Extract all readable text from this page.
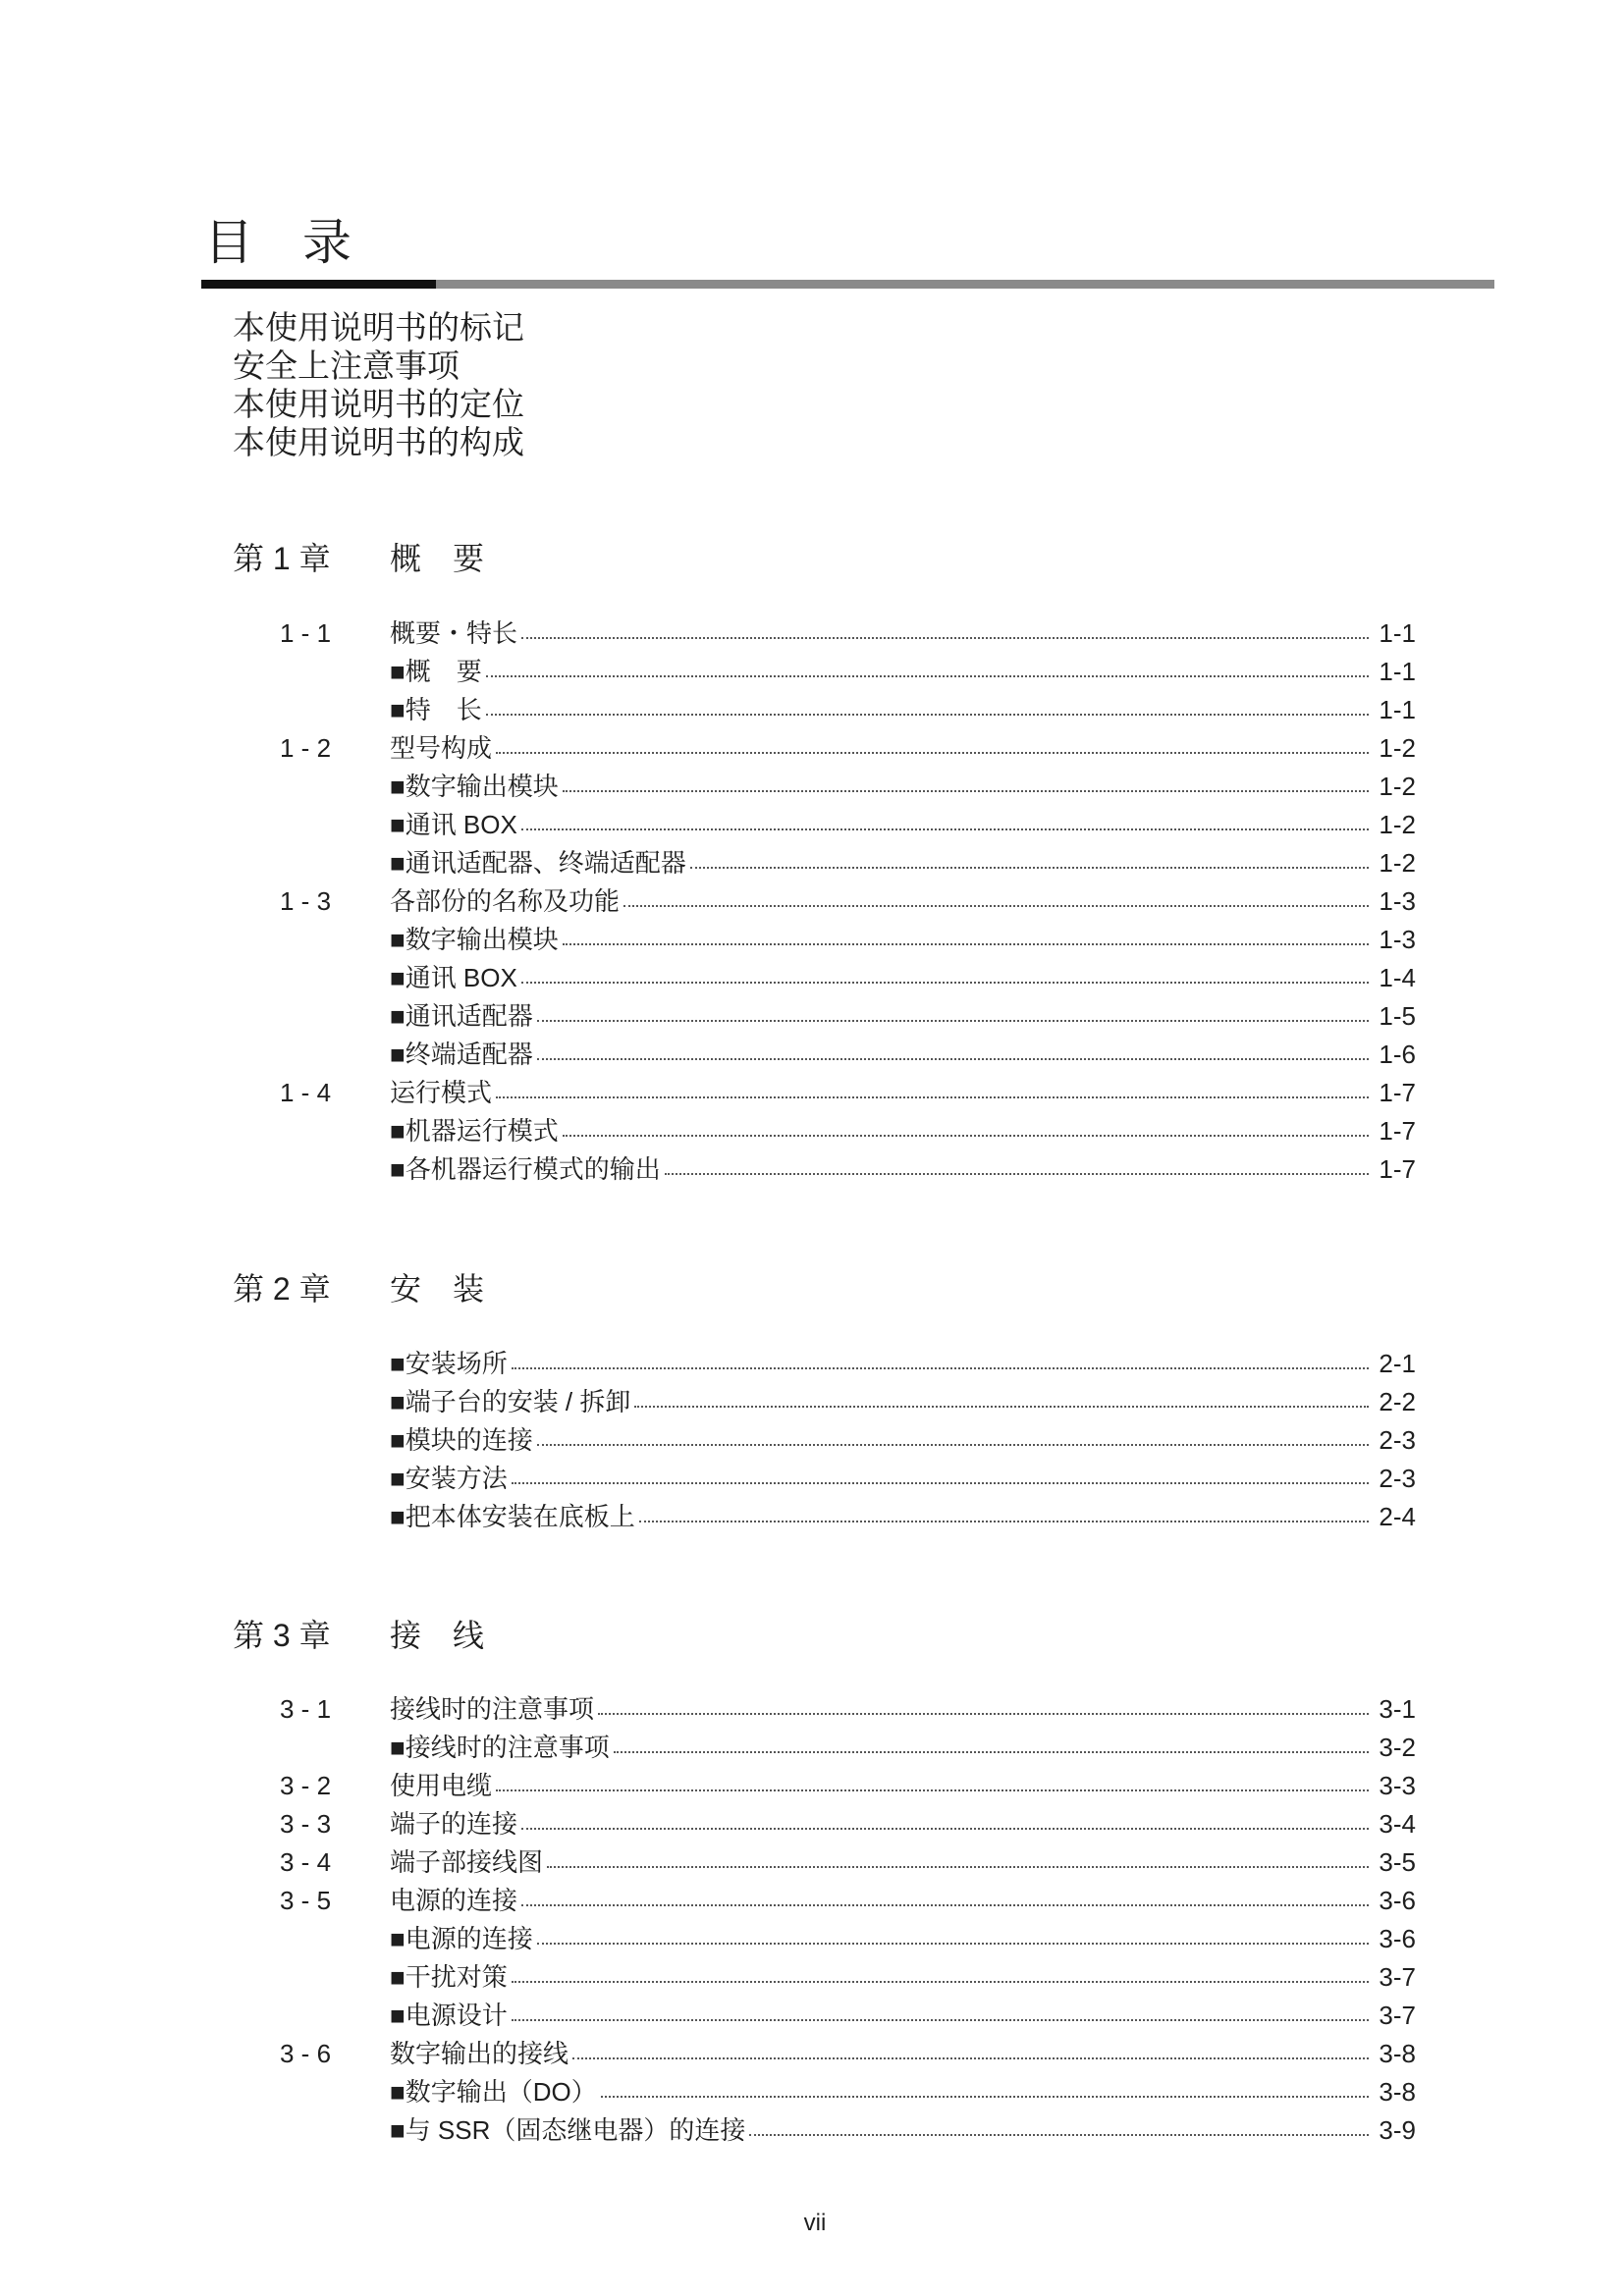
目　录
本使用说明书的标记
安全上注意事项
本使用说明书的定位
本使用说明书的构成
第 1 章	概　要
1 - 1	概要・特长	1-1
■概　要	1-1
■特　长	1-1
1 - 2	型号构成	1-2
■数字输出模块	1-2
■通讯 BOX	1-2
■通讯适配器、终端适配器	1-2
1 - 3	各部份的名称及功能	1-3
■数字输出模块	1-3
■通讯 BOX	1-4
■通讯适配器	1-5
■终端适配器	1-6
1 - 4	运行模式	1-7
■机器运行模式	1-7
■各机器运行模式的输出	1-7
第 2 章	安　装
■安装场所	2-1
■端子台的安装 / 拆卸	2-2
■模块的连接	2-3
■安装方法	2-3
■把本体安装在底板上	2-4
第 3 章	接　线
3 - 1	接线时的注意事项	3-1
■接线时的注意事项	3-2
3 - 2	使用电缆	3-3
3 - 3	端子的连接	3-4
3 - 4	端子部接线图	3-5
3 - 5	电源的连接	3-6
■电源的连接	3-6
■干扰对策	3-7
■电源设计	3-7
3 - 6	数字输出的接线	3-8
■数字输出（DO）	3-8
■与 SSR（固态继电器）的连接	3-9
vii
